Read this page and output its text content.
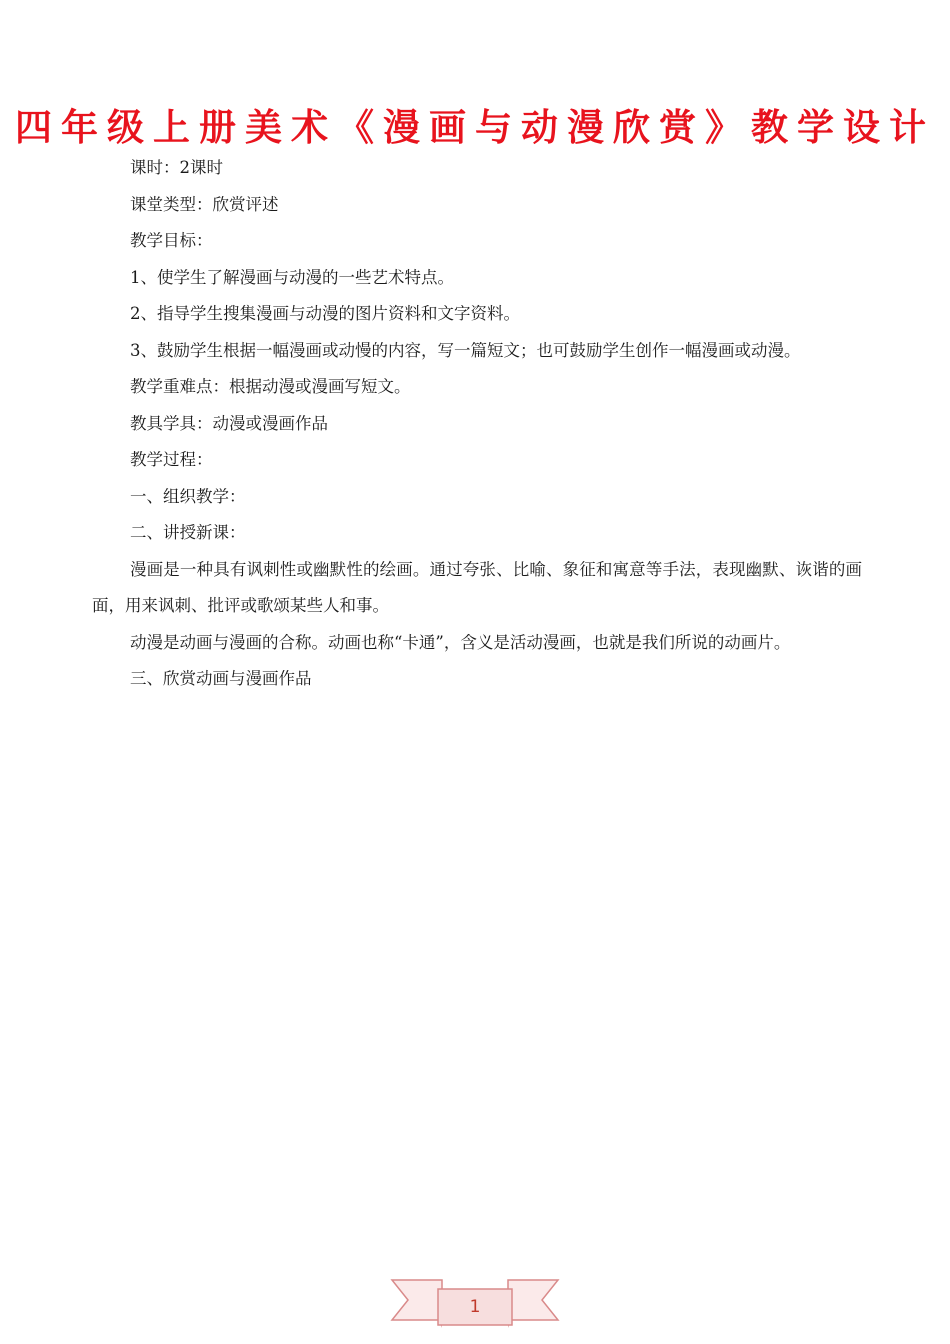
四年级上册美术《漫画与动漫欣赏》教学设计

课时：2课时

课堂类型：欣赏评述

教学目标：

1、使学生了解漫画与动漫的一些艺术特点。

2、指导学生搜集漫画与动漫的图片资料和文字资料。

3、鼓励学生根据一幅漫画或动慢的内容，写一篇短文；也可鼓励学生创作一幅漫画或动漫。

教学重难点：根据动漫或漫画写短文。

教具学具：动漫或漫画作品

教学过程：

一、组织教学：

二、讲授新课：

漫画是一种具有讽刺性或幽默性的绘画。通过夸张、比喻、象征和寓意等手法，表现幽默、诙谐的画面，用来讽刺、批评或歌颂某些人和事。

动漫是动画与漫画的合称。动画也称“卡通”，含义是活动漫画，也就是我们所说的动画片。

三、欣赏动画与漫画作品

1
